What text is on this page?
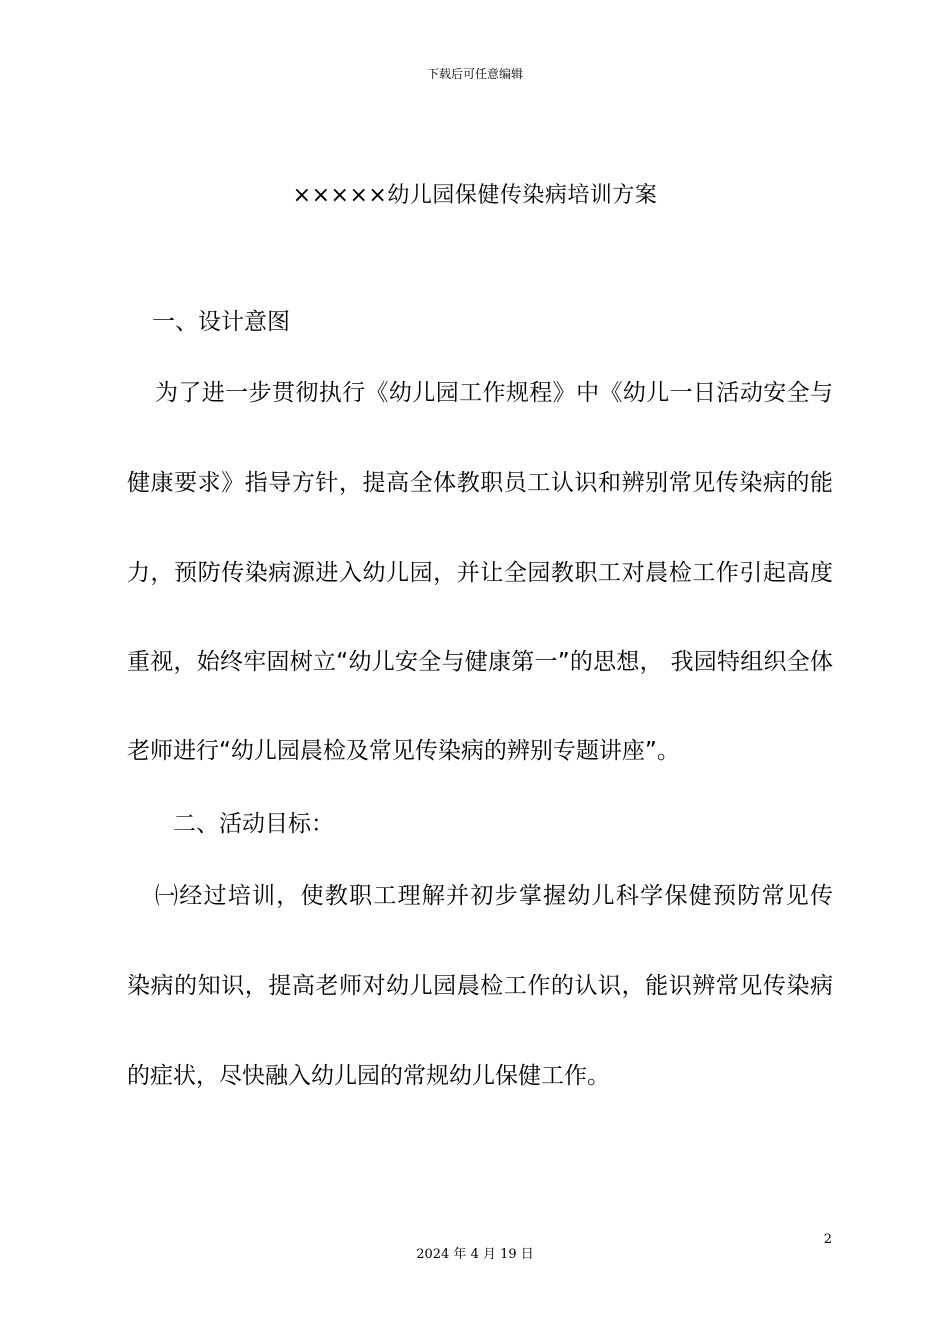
下载后可任意编辑
×××××幼儿园保健传染病培训方案
一、设计意图
为了进一步贯彻执行《幼儿园工作规程》中《幼儿一日活动安全与
健康要求》指导方针，提高全体教职员工认识和辨别常见传染病的能
力，预防传染病源进入幼儿园，并让全园教职工对晨检工作引起高度
重视，始终牢固树立“幼儿安全与健康第一”的思想， 我园特组织全体
老师进行“幼儿园晨检及常见传染病的辨别专题讲座”。
二、活动目标：
㈠经过培训，使教职工理解并初步掌握幼儿科学保健预防常见传
染病的知识，提高老师对幼儿园晨检工作的认识，能识辨常见传染病
的症状，尽快融入幼儿园的常规幼儿保健工作。
2
2024 年 4 月 19 日
